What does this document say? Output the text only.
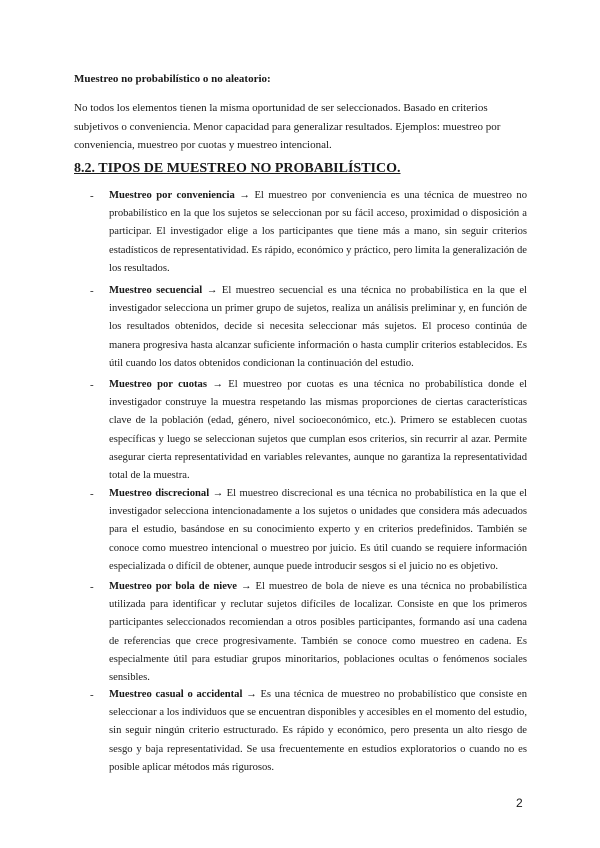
Muestreo no probabilístico o no aleatorio:

No todos los elementos tienen la misma oportunidad de ser seleccionados. Basado en criterios subjetivos o conveniencia. Menor capacidad para generalizar resultados. Ejemplos: muestreo por conveniencia, muestreo por cuotas y muestreo intencional.

8.2. TIPOS DE MUESTREO NO PROBABILÍSTICO.
- Muestreo por conveniencia → El muestreo por conveniencia es una técnica de muestreo no probabilístico en la que los sujetos se seleccionan por su fácil acceso, proximidad o disposición a participar. El investigador elige a los participantes que tiene más a mano, sin seguir criterios estadísticos de representatividad. Es rápido, económico y práctico, pero limita la generalización de los resultados.

- Muestreo secuencial → El muestreo secuencial es una técnica no probabilística en la que el investigador selecciona un primer grupo de sujetos, realiza un análisis preliminar y, en función de los resultados obtenidos, decide si necesita seleccionar más sujetos. El proceso continúa de manera progresiva hasta alcanzar suficiente información o hasta cumplir criterios establecidos. Es útil cuando los datos obtenidos condicionan la continuación del estudio.

- Muestreo por cuotas → El muestreo por cuotas es una técnica no probabilística donde el investigador construye la muestra respetando las mismas proporciones de ciertas características clave de la población (edad, género, nivel socioeconómico, etc.). Primero se establecen cuotas específicas y luego se seleccionan sujetos que cumplan esos criterios, sin recurrir al azar. Permite asegurar cierta representatividad en variables relevantes, aunque no garantiza la representatividad total de la muestra.

- Muestreo discrecional → El muestreo discrecional es una técnica no probabilística en la que el investigador selecciona intencionadamente a los sujetos o unidades que considera más adecuados para el estudio, basándose en su conocimiento experto y en criterios predefinidos. También se conoce como muestreo intencional o muestreo por juicio. Es útil cuando se requiere información especializada o difícil de obtener, aunque puede introducir sesgos si el juicio no es objetivo.

- Muestreo por bola de nieve → El muestreo de bola de nieve es una técnica no probabilística utilizada para identificar y reclutar sujetos difíciles de localizar. Consiste en que los primeros participantes seleccionados recomiendan a otros posibles participantes, formando así una cadena de referencias que crece progresivamente. También se conoce como muestreo en cadena. Es especialmente útil para estudiar grupos minoritarios, poblaciones ocultas o fenómenos sociales sensibles.

- Muestreo casual o accidental → Es una técnica de muestreo no probabilístico que consiste en seleccionar a los individuos que se encuentran disponibles y accesibles en el momento del estudio, sin seguir ningún criterio estructurado. Es rápido y económico, pero presenta un alto riesgo de sesgo y baja representatividad. Se usa frecuentemente en estudios exploratorios o cuando no es posible aplicar métodos más rigurosos.

2
